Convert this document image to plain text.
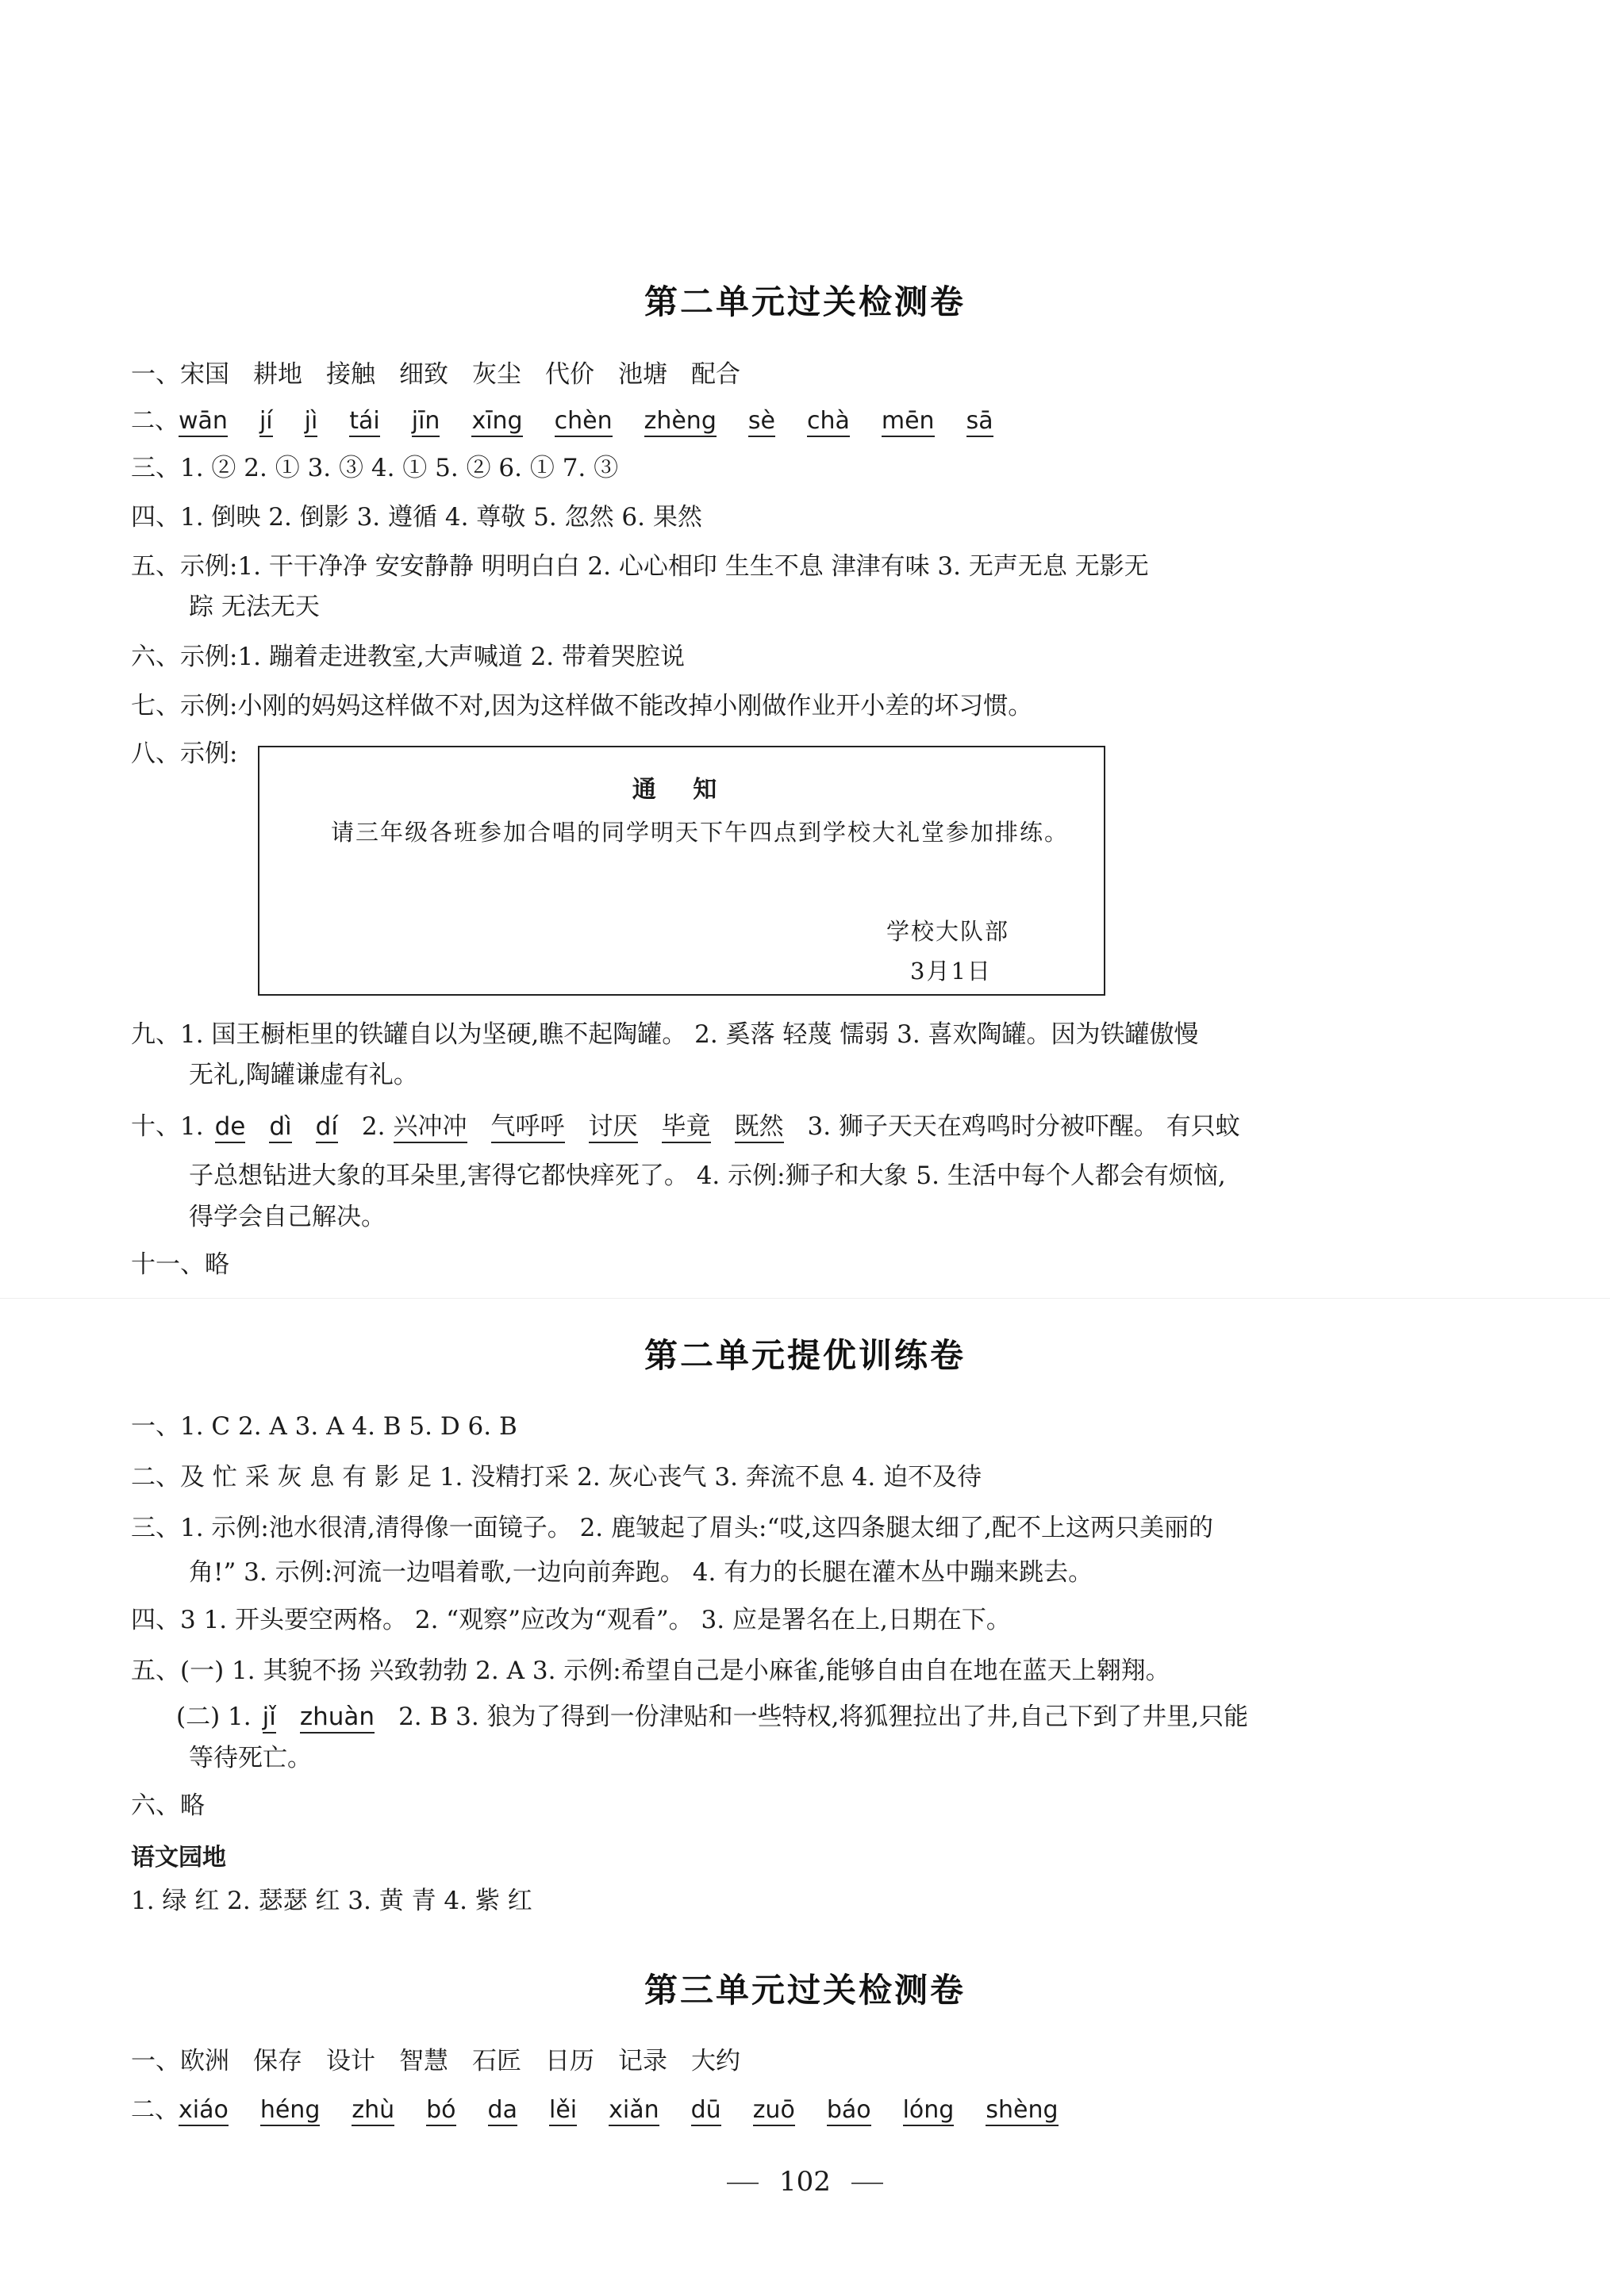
第二单元过关检测卷
一、宋国 耕地 接触 细致 灰尘 代价 池塘 配合
二、wān jí jì tái jīn xīng chèn zhèng sè chà mēn sā
三、1. ② 2. ① 3. ③ 4. ① 5. ② 6. ① 7. ③
四、1. 倒映 2. 倒影 3. 遵循 4. 尊敬 5. 忽然 6. 果然
五、示例:1. 干干净净 安安静静 明明白白 2. 心心相印 生生不息 津津有味 3. 无声无息 无影无
踪 无法无天
六、示例:1. 蹦着走进教室,大声喊道 2. 带着哭腔说
七、示例:小刚的妈妈这样做不对,因为这样做不能改掉小刚做作业开小差的坏习惯。
八、示例:
通 知
请三年级各班参加合唱的同学明天下午四点到学校大礼堂参加排练。
学校大队部
3月1日
九、1. 国王橱柜里的铁罐自以为坚硬,瞧不起陶罐。 2. 奚落 轻蔑 懦弱 3. 喜欢陶罐。因为铁罐傲慢
无礼,陶罐谦虚有礼。
十、1. de dì dí 2. 兴冲冲 气呼呼 讨厌 毕竟 既然 3. 狮子天天在鸡鸣时分被吓醒。 有只蚊
子总想钻进大象的耳朵里,害得它都快痒死了。 4. 示例:狮子和大象 5. 生活中每个人都会有烦恼,
得学会自己解决。
十一、略
第二单元提优训练卷
一、1. C 2. A 3. A 4. B 5. D 6. B
二、及 忙 采 灰 息 有 影 足 1. 没精打采 2. 灰心丧气 3. 奔流不息 4. 迫不及待
三、1. 示例:池水很清,清得像一面镜子。 2. 鹿皱起了眉头:“哎,这四条腿太细了,配不上这两只美丽的
角!” 3. 示例:河流一边唱着歌,一边向前奔跑。 4. 有力的长腿在灌木丛中蹦来跳去。
四、3 1. 开头要空两格。 2. “观察”应改为“观看”。 3. 应是署名在上,日期在下。
五、(一) 1. 其貌不扬 兴致勃勃 2. A 3. 示例:希望自己是小麻雀,能够自由自在地在蓝天上翱翔。
(二) 1. jǐ zhuàn 2. B 3. 狼为了得到一份津贴和一些特权,将狐狸拉出了井,自己下到了井里,只能
等待死亡。
六、略
语文园地
1. 绿 红 2. 瑟瑟 红 3. 黄 青 4. 紫 红
第三单元过关检测卷
一、欧洲 保存 设计 智慧 石匠 日历 记录 大约
二、xiáo héng zhù bó da lěi xiǎn dū zuō báo lóng shèng
102
